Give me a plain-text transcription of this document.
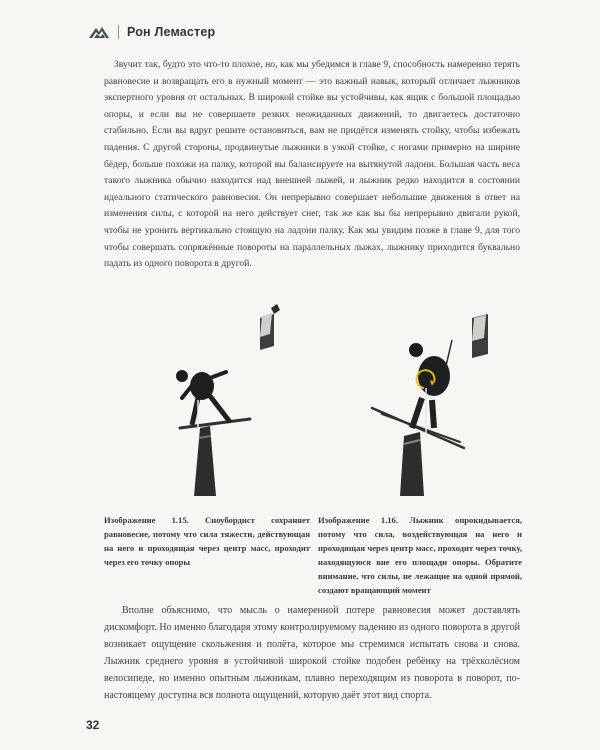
Рон Лемастер

Звучит так, будто это что-то плохое, но, как мы убедимся в главе 9, способность намеренно терять равновесие и возвращать его в нужный момент — это важный навык, который отличает лыжников экспертного уровня от остальных. В широкой стойке вы устойчивы, как ящик с большой площадью опоры, и если вы не совершаете резких неожиданных движений, то двигаетесь достаточно стабильно. Если вы вдруг решите остановиться, вам не придётся изменять стойку, чтобы избежать падения. С другой стороны, продвинутые лыжники в узкой стойке, с ногами примерно на ширине бёдер, больше похожи на палку, которой вы балансируете на вытянутой ладони. Большая часть веса такого лыжника обычно находится над внешней лыжей, и лыжник редко находится в состоянии идеального статического равновесия. Он непрерывно совершает небольшие движения в ответ на изменения силы, с которой на него действует снег, так же как вы бы непрерывно двигали рукой, чтобы не уронить вертикально стоящую на ладони палку. Как мы увидим позже в главе 9, для того чтобы совершать сопряжённые повороты на параллельных лыжах, лыжнику приходится буквально падать из одного поворота в другой.

Изображение 1.15. Сноубордист сохраняет равновесие, потому что сила тяжести, действующая на него и проходящая через центр масс, проходит через его точку опоры

Изображение 1.16. Лыжник опрокидывается, потому что сила, воздействующая на него и проходящая через центр масс, проходит через точку, находящуюся вне его площади опоры. Обратите внимание, что силы, не лежащие на одной прямой, создают вращающий момент

Вполне объяснимо, что мысль о намеренной потере равновесия может доставлять дискомфорт. Но именно благодаря этому контролируемому падению из одного поворота в другой возникает ощущение скольжения и полёта, которое мы стремимся испытать снова и снова. Лыжник среднего уровня в устойчивой широкой стойке подобен ребёнку на трёхколёсном велосипеде, но именно опытным лыжникам, плавно переходящим из поворота в поворот, по-настоящему доступна вся полнота ощущений, которую даёт этот вид спорта.

32
